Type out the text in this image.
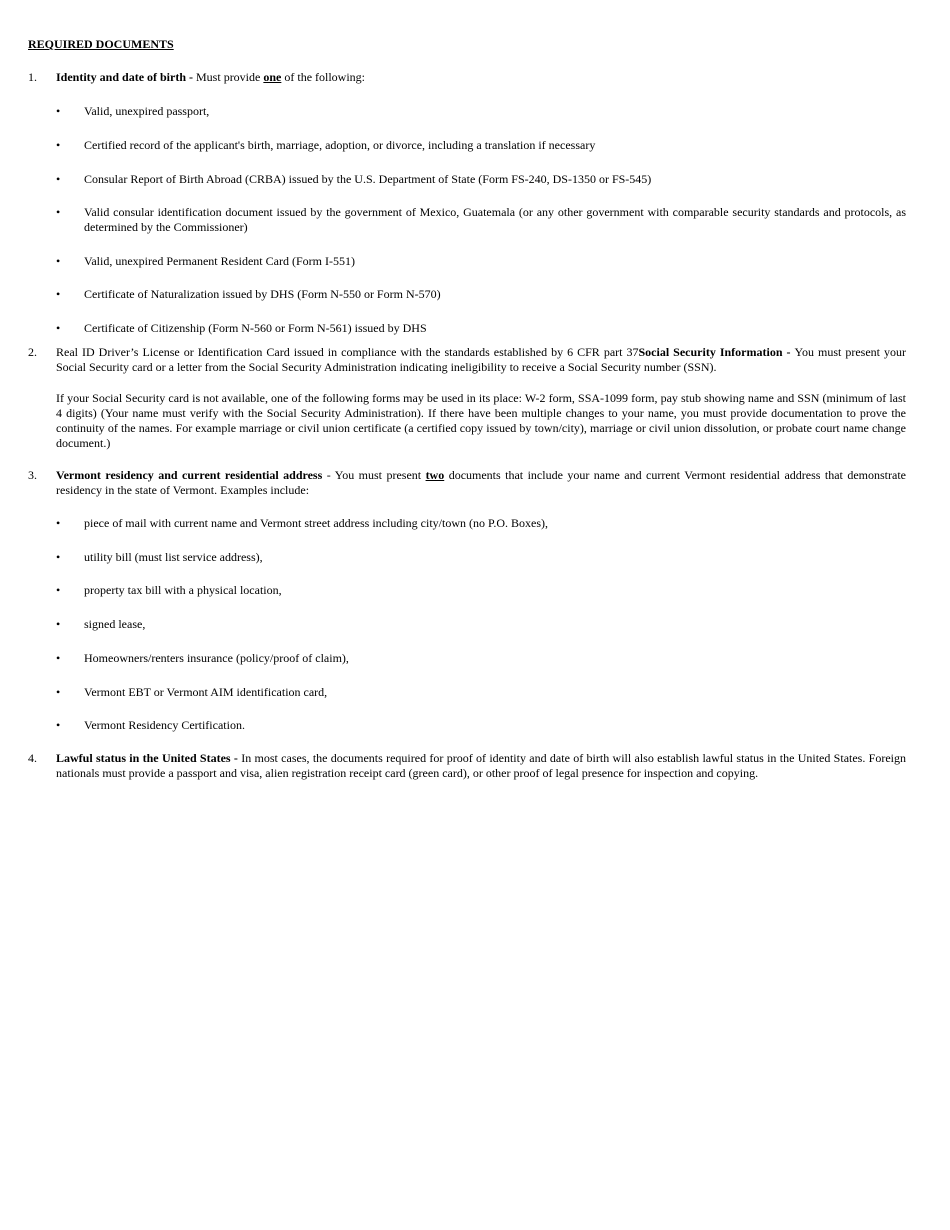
REQUIRED DOCUMENTS
1. Identity and date of birth - Must provide one of the following:
• Valid, unexpired passport,
• Certified record of the applicant's birth, marriage, adoption, or divorce, including a translation if necessary
• Consular Report of Birth Abroad (CRBA) issued by the U.S. Department of State (Form FS-240, DS-1350 or FS-545)
• Valid consular identification document issued by the government of Mexico, Guatemala (or any other government with comparable security standards and protocols, as determined by the Commissioner)
• Valid, unexpired Permanent Resident Card (Form I-551)
• Certificate of Naturalization issued by DHS (Form N-550 or Form N-570)
• Certificate of Citizenship (Form N-560 or Form N-561) issued by DHS
2. Real ID Driver’s License or Identification Card issued in compliance with the standards established by 6 CFR part 37Social Security Information - You must present your Social Security card or a letter from the Social Security Administration indicating ineligibility to receive a Social Security number (SSN).
If your Social Security card is not available, one of the following forms may be used in its place: W-2 form, SSA-1099 form, pay stub showing name and SSN (minimum of last 4 digits) (Your name must verify with the Social Security Administration). If there have been multiple changes to your name, you must provide documentation to prove the continuity of the names. For example marriage or civil union certificate (a certified copy issued by town/city), marriage or civil union dissolution, or probate court name change document.)
3. Vermont residency and current residential address - You must present two documents that include your name and current Vermont residential address that demonstrate residency in the state of Vermont. Examples include:
• piece of mail with current name and Vermont street address including city/town (no P.O. Boxes),
• utility bill (must list service address),
• property tax bill with a physical location,
• signed lease,
• Homeowners/renters insurance (policy/proof of claim),
• Vermont EBT or Vermont AIM identification card,
• Vermont Residency Certification.
4. Lawful status in the United States - In most cases, the documents required for proof of identity and date of birth will also establish lawful status in the United States. Foreign nationals must provide a passport and visa, alien registration receipt card (green card), or other proof of legal presence for inspection and copying.
